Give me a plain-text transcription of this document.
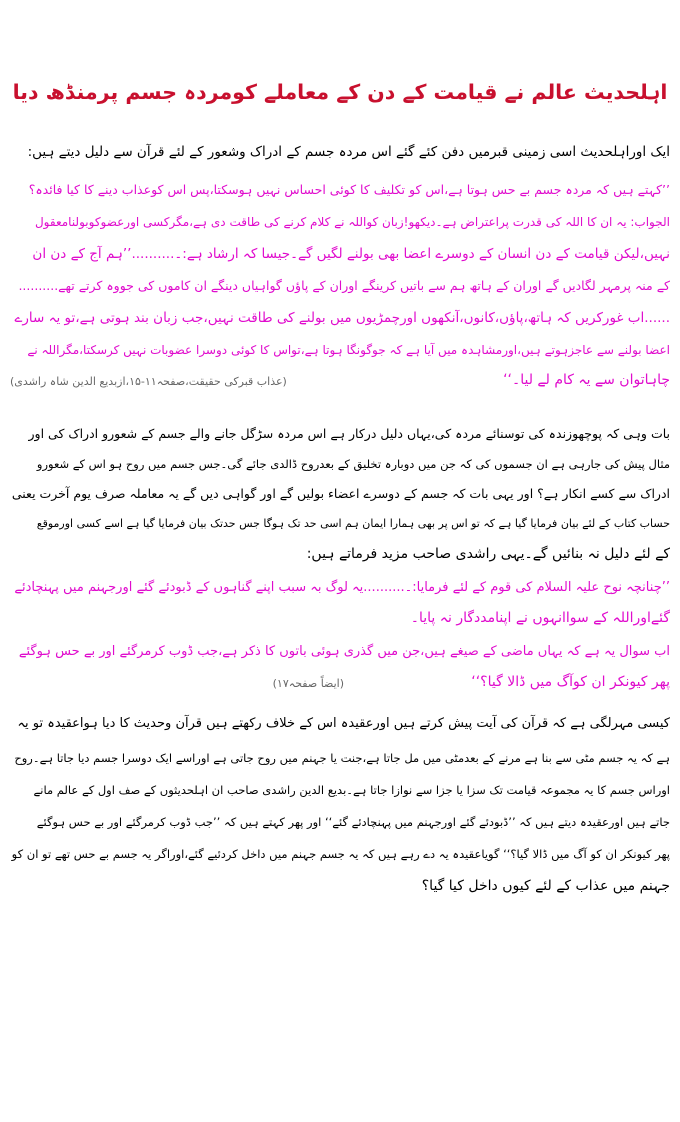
اہلحدیث عالم نے قیامت کے دن کے معاملے کومردہ جسم پرمنڈھ دیا
ایک اوراہلحدیث اسی زمینی قبرمیں دفن کئے گئے اس مردہ جسم کے ادراک وشعور کے لئے قرآن سے دلیل دیتے ہیں:
’’کہتے ہیں کہ مردہ جسم بے حس ہوتا ہے،اس کو تکلیف کا کوئی احساس نہیں ہوسکتا،پس اس کوعذاب دینے کا کیا فائدہ؟
الجواب: یہ ان کا اللہ کی قدرت پراعتراض ہے۔دیکھو!زبان کواللہ نے کلام کرنے کی طاقت دی ہے،مگرکسی اورعضوکوبولنامعقول
نہیں،لیکن قیامت کے دن انسان کے دوسرے اعضا بھی بولنے لگیں گے۔جیسا کہ ارشاد ہے:۔..........’’ہم آج کے دن ان
کے منہ پرمہر لگادیں گے اوران کے ہاتھ ہم سے باتیں کرینگے اوران کے پاؤں گواہیاں دینگے ان کاموں کی جووہ کرتے تھے..........
......اب غورکریں کہ ہاتھ،پاؤں،کانوں،آنکھوں اورچمڑیوں میں بولنے کی طاقت نہیں،جب زبان بند ہوتی ہے،تو یہ سارے
اعضا بولنے سے عاجزہوتے ہیں،اورمشاہدہ میں آیا ہے کہ جوگونگا ہوتا ہے،تواس کا کوئی دوسرا عضوبات نہیں کرسکتا،مگراللہ نے
چاہاتوان سے یہ کام لے لیا۔‘‘
(عذاب قبرکی حقیقت،صفحہ۱۱-۱۵،ازبدیع الدین شاہ راشدی)
بات وہی کہ پوچھوزندہ کی توسنائے مردہ کی،یہاں دلیل درکار ہے اس مردہ سڑگل جانے والے جسم کے شعورو ادراک کی اور
مثال پیش کی جارہی ہے ان جسموں کی کہ جن میں دوبارہ تخلیق کے بعدروح ڈالدی جائے گی۔جس جسم میں روح ہو اس کے شعورو
ادراک سے کسے انکار ہے؟ اور یہی بات کہ جسم کے دوسرے اعضاء بولیں گے اور گواہی دیں گے یہ معاملہ صرف یوم آخرت یعنی
حساب کتاب کے لئے بیان فرمایا گیا ہے کہ تو اس پر بھی ہمارا ایمان ہم اسی حد تک ہوگا جس حدتک بیان فرمایا گیا ہے اسے کسی اورموقع
کے لئے دلیل نہ بنائیں گے۔یہی راشدی صاحب مزید فرماتے ہیں:
’’چنانچہ نوح علیہ السلام کی قوم کے لئے فرمایا:۔..........یہ لوگ بہ سبب اپنے گناہوں کے ڈبودئے گئے اورجہنم میں پہنچادئے
گئےاوراللہ کے سواانہوں نے اپنامددگار نہ پایا۔
اب سوال یہ ہے کہ یہاں ماضی کے صیغے ہیں،جن میں گذری ہوئی باتوں کا ذکر ہے،جب ڈوب کرمرگئے اور بے حس ہوگئے
پھر کیونکر ان کوآگ میں ڈالا گیا؟‘‘
(ایضاً صفحہ۱۷)
کیسی مہرلگی ہے کہ قرآن کی آیت پیش کرتے ہیں اورعقیدہ اس کے خلاف رکھتے ہیں قرآن وحدیث کا دیا ہواعقیدہ تو یہ
ہے کہ یہ جسم مٹی سے بنا ہے مرنے کے بعدمٹی میں مل جاتا ہے،جنت یا جہنم میں روح جاتی ہے اوراسے ایک دوسرا جسم دیا جاتا ہے۔روح
اوراس جسم کا یہ مجموعہ قیامت تک سزا یا جزا سے نوازا جاتا ہے۔بدیع الدین راشدی صاحب ان اہلحدیثوں کے صف اول کے عالم مانے
جاتے ہیں اورعقیدہ دیتے ہیں کہ ’’ڈبودئے گئے اورجہنم میں پہنچادئے گئے‘‘ اور پھر کہتے ہیں کہ ’’جب ڈوب کرمرگئے اور بے حس ہوگئے
پھر کیونکر ان کو آگ میں ڈالا گیا؟‘‘ گویاعقیدہ یہ دے رہے ہیں کہ یہ جسم جہنم میں داخل کردئیے گئے،اوراگر یہ جسم بے حس تھے تو ان کو
جہنم میں عذاب کے لئے کیوں داخل کیا گیا؟
